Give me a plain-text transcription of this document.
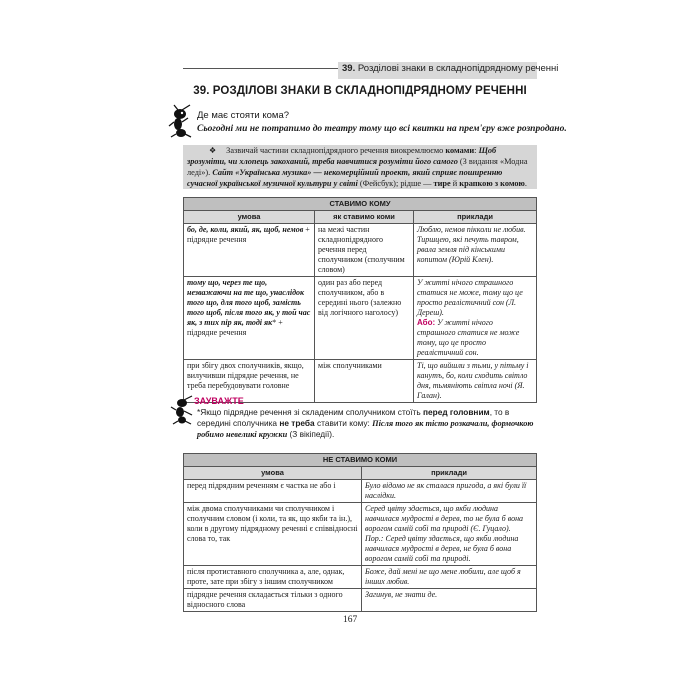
39. Розділові знаки в складнопідрядному реченні
39. РОЗДІЛОВІ ЗНАКИ В СКЛАДНОПІДРЯДНОМУ РЕЧЕННІ
Де має стояти кома?
Сьогодні ми не потрапимо до театру тому що всі квитки на прем'єру вже розпродано.
❖ Зазвичай частини складнопідрядного речення виокремлюємо комами: Щоб зрозуміти, чи хлопець закоханий, треба навчитися розуміти його самого (З видання «Модна леді»). Сайт «Українська музика» — некомерційний проект, який сприяє поширенню сучасної української музичної культури у світі (Фейсбук); рідше — тире й крапкою з комою.
СТАВИМО КОМУ		
умова	як ставимо коми	приклади
бо, де, коли, який, як, щоб, немов + підрядне речення	на межі частин складнопідрядного речення перед сполучником (сполучним словом)	Люблю, немов пікколи не любив. Тиршцею, які печуть тавром, рвала земля під кінськими копитом (Юрій Клен).
тому що, через те що, незважаючи на те що, унаслідок того що, для того щоб, замість того щоб, після того як, у той час як, з тих пір як, тоді як* + підрядне речення	один раз або перед сполучником, або в середині нього (залежно від логічного наголосу)	У житті нічого страшного статися не може, тому що це просто реалістичний сон (Л. Дереш).
Або: У житті нічого страшного статися не може тому, що це просто реалістичний сон.
при збігу двох сполучників, якщо, вилучивши підрядне речення, не треба перебудовувати головне	між сполучниками	Ті, що вийшли з тьми, у пітьму і канутъ, бо, коли сходить світло дня, тьмяніють світла ночі (Я. Галан).
ЗАУВАЖТЕ
*Якщо підрядне речення зі складеним сполучником стоїть перед головним, то в середині сполучника не треба ставити кому: Після того як тісто розкачали, формочкою робимо невеликі кружки (З вікіпедії).
НЕ СТАВИМО КОМИ	
умова	приклади
перед підрядним реченням є частка не або і	Було відомо не як сталася пригода, а які були її наслідки.
між двома сполучниками чи сполучником і сполучним словом (і коли, та як, що якби та ін.), коли в другому підрядному реченні є співвідносні слова то, так	Серед цвіту здається, що якби людина навчилася мудрості в дерев, то не була б вона ворогом самій собі та природі (Є. Гуцало).
Пор.: Серед цвіту здається, що якби людина навчилася мудрості в дерев, не була б вона ворогом самій собі та природі.
після протиставного сполучника а, але, однак, проте, зате при збігу з іншим сполучником	Боже, дай мені не що мене любили, але щоб я інших любив.
підрядне речення складається тільки з одного відносного слова	Загинув, не знати де.
167
